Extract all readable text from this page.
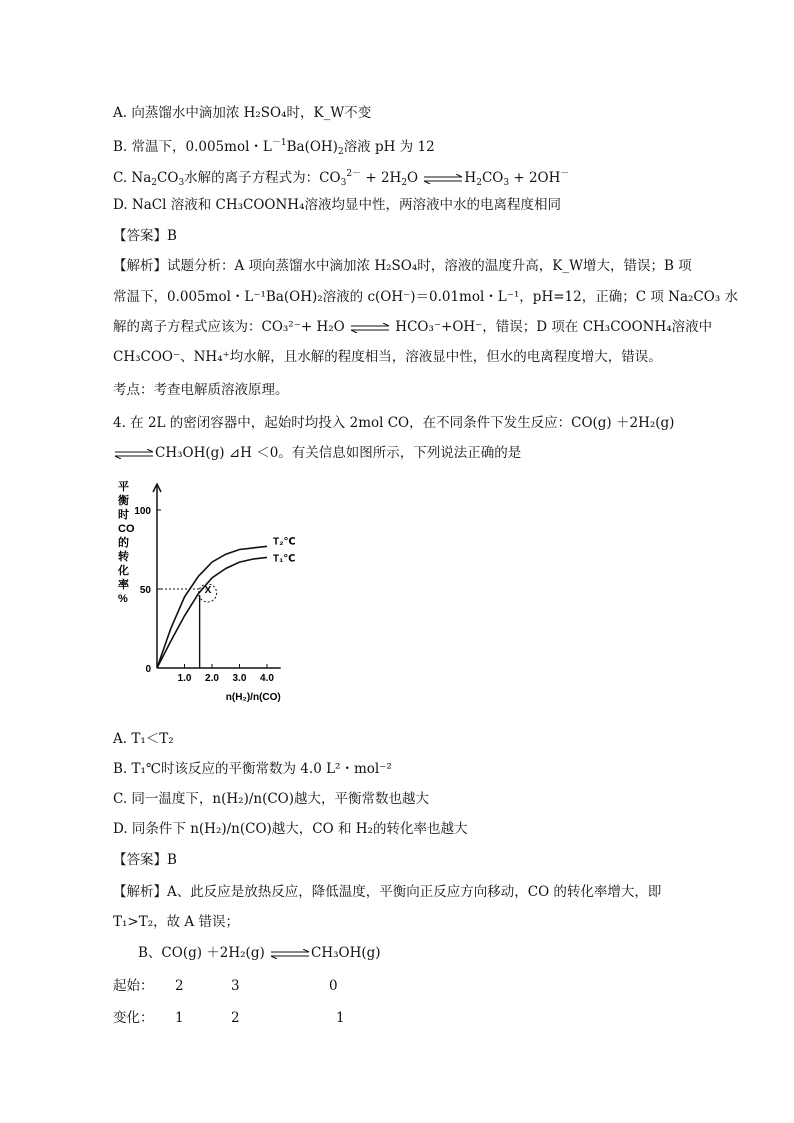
A. 向蒸馏水中滴加浓 H₂SO₄时，K_W不变
B. 常温下，0.005mol・$L^{-1}Ba(OH)_2$溶液 pH 为 12
C. $Na_2CO_3$水解的离子方程式为：$CO_3^{2-} + 2H_2O$ $\rightleftharpoons H_2CO_3 + 2OH^-$
D. NaCl 溶液和 CH₃COONH₄溶液均显中性，两溶液中水的电离程度相同
【答案】B
【解析】试题分析：A 项向蒸馏水中滴加浓 H₂SO₄时，溶液的温度升高，K_W增大，错误；B 项
常温下，0.005mol・L⁻¹Ba(OH)₂溶液的 c(OH⁻)＝0.01mol・L⁻¹，pH=12，正确；C 项 Na₂CO₃ 水
解的离子方程式应该为：CO₃²⁻+ H₂O ⇌ HCO₃⁻+OH⁻，错误；D 项在 CH₃COONH₄溶液中
CH₃COO⁻、NH₄⁺均水解，且水解的程度相当，溶液显中性，但水的电离程度增大，错误。
考点：考查电解质溶液原理。
4. 在 2L 的密闭容器中，起始时均投入 2mol CO，在不同条件下发生反应：CO(g) ＋2H₂(g)
⇌CH₃OH(g) ⊿H ＜0。有关信息如图所示，下列说法正确的是
平衡时 CO 的转化率%
0
50
100
1.0 2.0 3.0 4.0
n(H₂)/n(CO)
T₂℃
T₁℃
X
A. T₁＜T₂
B. T₁℃时该反应的平衡常数为 4.0 L²・mol⁻²
C. 同一温度下，n(H₂)/n(CO)越大，平衡常数也越大
D. 同条件下 n(H₂)/n(CO)越大，CO 和 H₂的转化率也越大
【答案】B
【解析】A、此反应是放热反应，降低温度，平衡向正反应方向移动，CO 的转化率增大，即
T₁>T₂，故 A 错误；
B、CO(g) ＋2H₂(g) ⇌CH₃OH(g)
起始： 2	3	0
变化： 1	2	1
